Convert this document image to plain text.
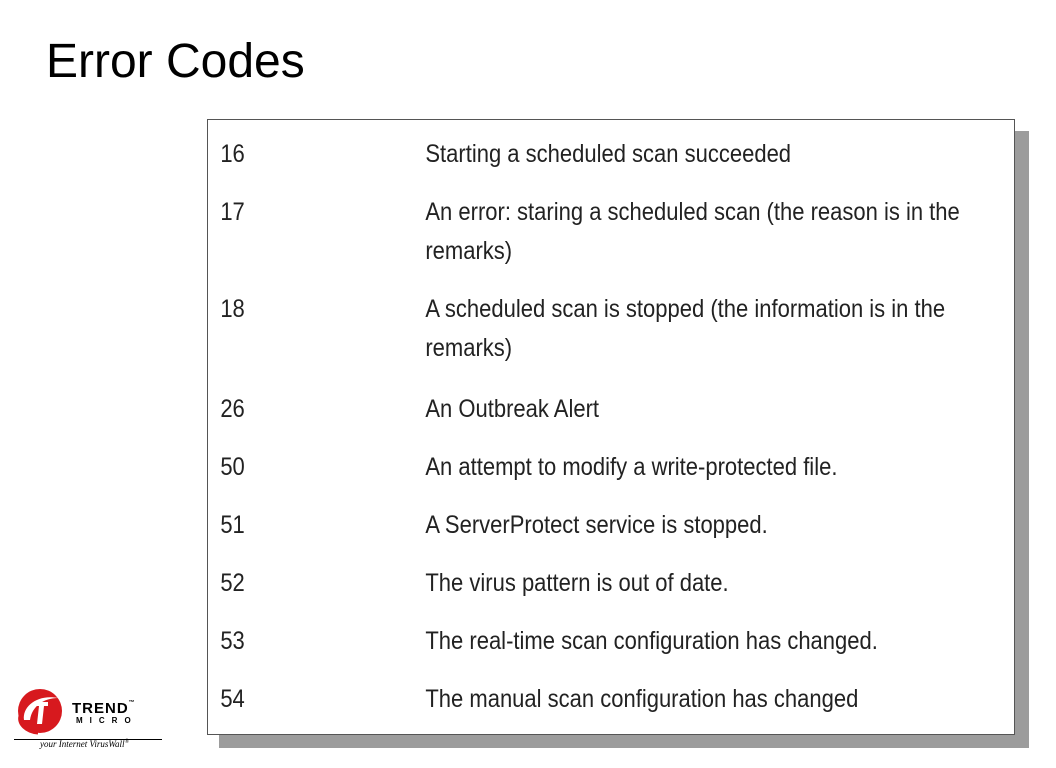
Error Codes
16	Starting a scheduled scan succeeded
17	An error: staring a scheduled scan (the reason is in the
remarks)
18	A scheduled scan is stopped (the information is in the
remarks)
26	An Outbreak Alert
50	An attempt to modify a write-protected file.
51	A ServerProtect service is stopped.
52	The virus pattern is out of date.
53	The real-time scan configuration has changed.
54	The manual scan configuration has changed
TREND™
MICRO
your Internet VirusWall®
